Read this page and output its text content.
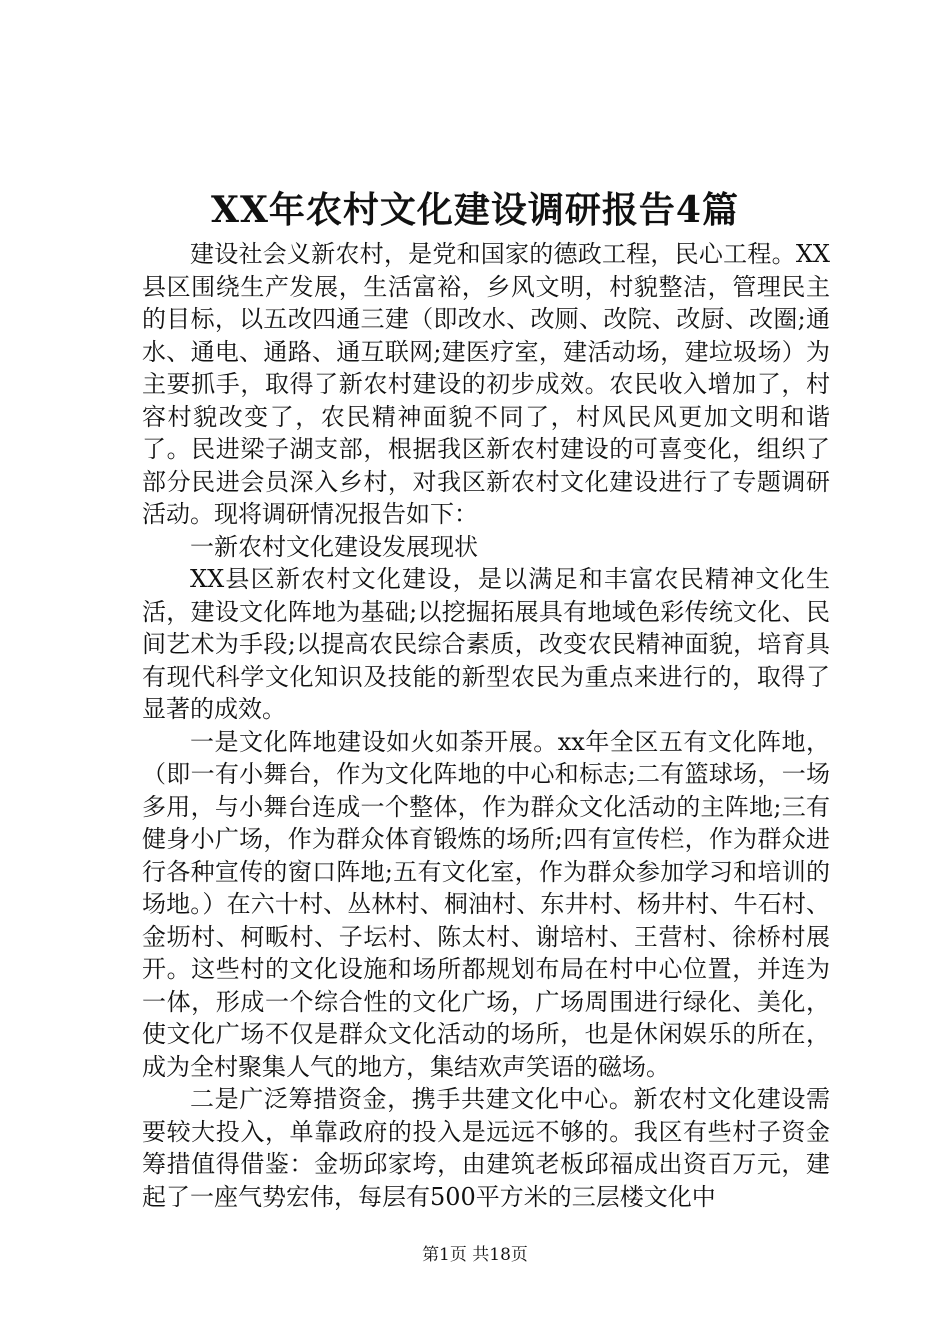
XX年农村文化建设调研报告4篇

建设社会义新农村，是党和国家的德政工程，民心工程。XX县区围绕生产发展，生活富裕，乡风文明，村貌整洁，管理民主的目标，以五改四通三建（即改水、改厕、改院、改厨、改圈;通水、通电、通路、通互联网;建医疗室，建活动场，建垃圾场）为主要抓手，取得了新农村建设的初步成效。农民收入增加了，村容村貌改变了，农民精神面貌不同了，村风民风更加文明和谐了。民进梁子湖支部，根据我区新农村建设的可喜变化，组织了部分民进会员深入乡村，对我区新农村文化建设进行了专题调研活动。现将调研情况报告如下：

一新农村文化建设发展现状

XX县区新农村文化建设，是以满足和丰富农民精神文化生活，建设文化阵地为基础;以挖掘拓展具有地域色彩传统文化、民间艺术为手段;以提高农民综合素质，改变农民精神面貌，培育具有现代科学文化知识及技能的新型农民为重点来进行的，取得了显著的成效。

一是文化阵地建设如火如荼开展。xx年全区五有文化阵地，（即一有小舞台，作为文化阵地的中心和标志;二有篮球场，一场多用，与小舞台连成一个整体，作为群众文化活动的主阵地;三有健身小广场，作为群众体育锻炼的场所;四有宣传栏，作为群众进行各种宣传的窗口阵地;五有文化室，作为群众参加学习和培训的场地。）在六十村、丛林村、桐油村、东井村、杨井村、牛石村、金坜村、柯畈村、子坛村、陈太村、谢培村、王营村、徐桥村展开。这些村的文化设施和场所都规划布局在村中心位置，并连为一体，形成一个综合性的文化广场，广场周围进行绿化、美化，使文化广场不仅是群众文化活动的场所，也是休闲娱乐的所在，成为全村聚集人气的地方，集结欢声笑语的磁场。

二是广泛筹措资金，携手共建文化中心。新农村文化建设需要较大投入，单靠政府的投入是远远不够的。我区有些村子资金筹措值得借鉴：金坜邱家垮，由建筑老板邱福成出资百万元，建起了一座气势宏伟，每层有500平方米的三层楼文化中

第1页 共18页
